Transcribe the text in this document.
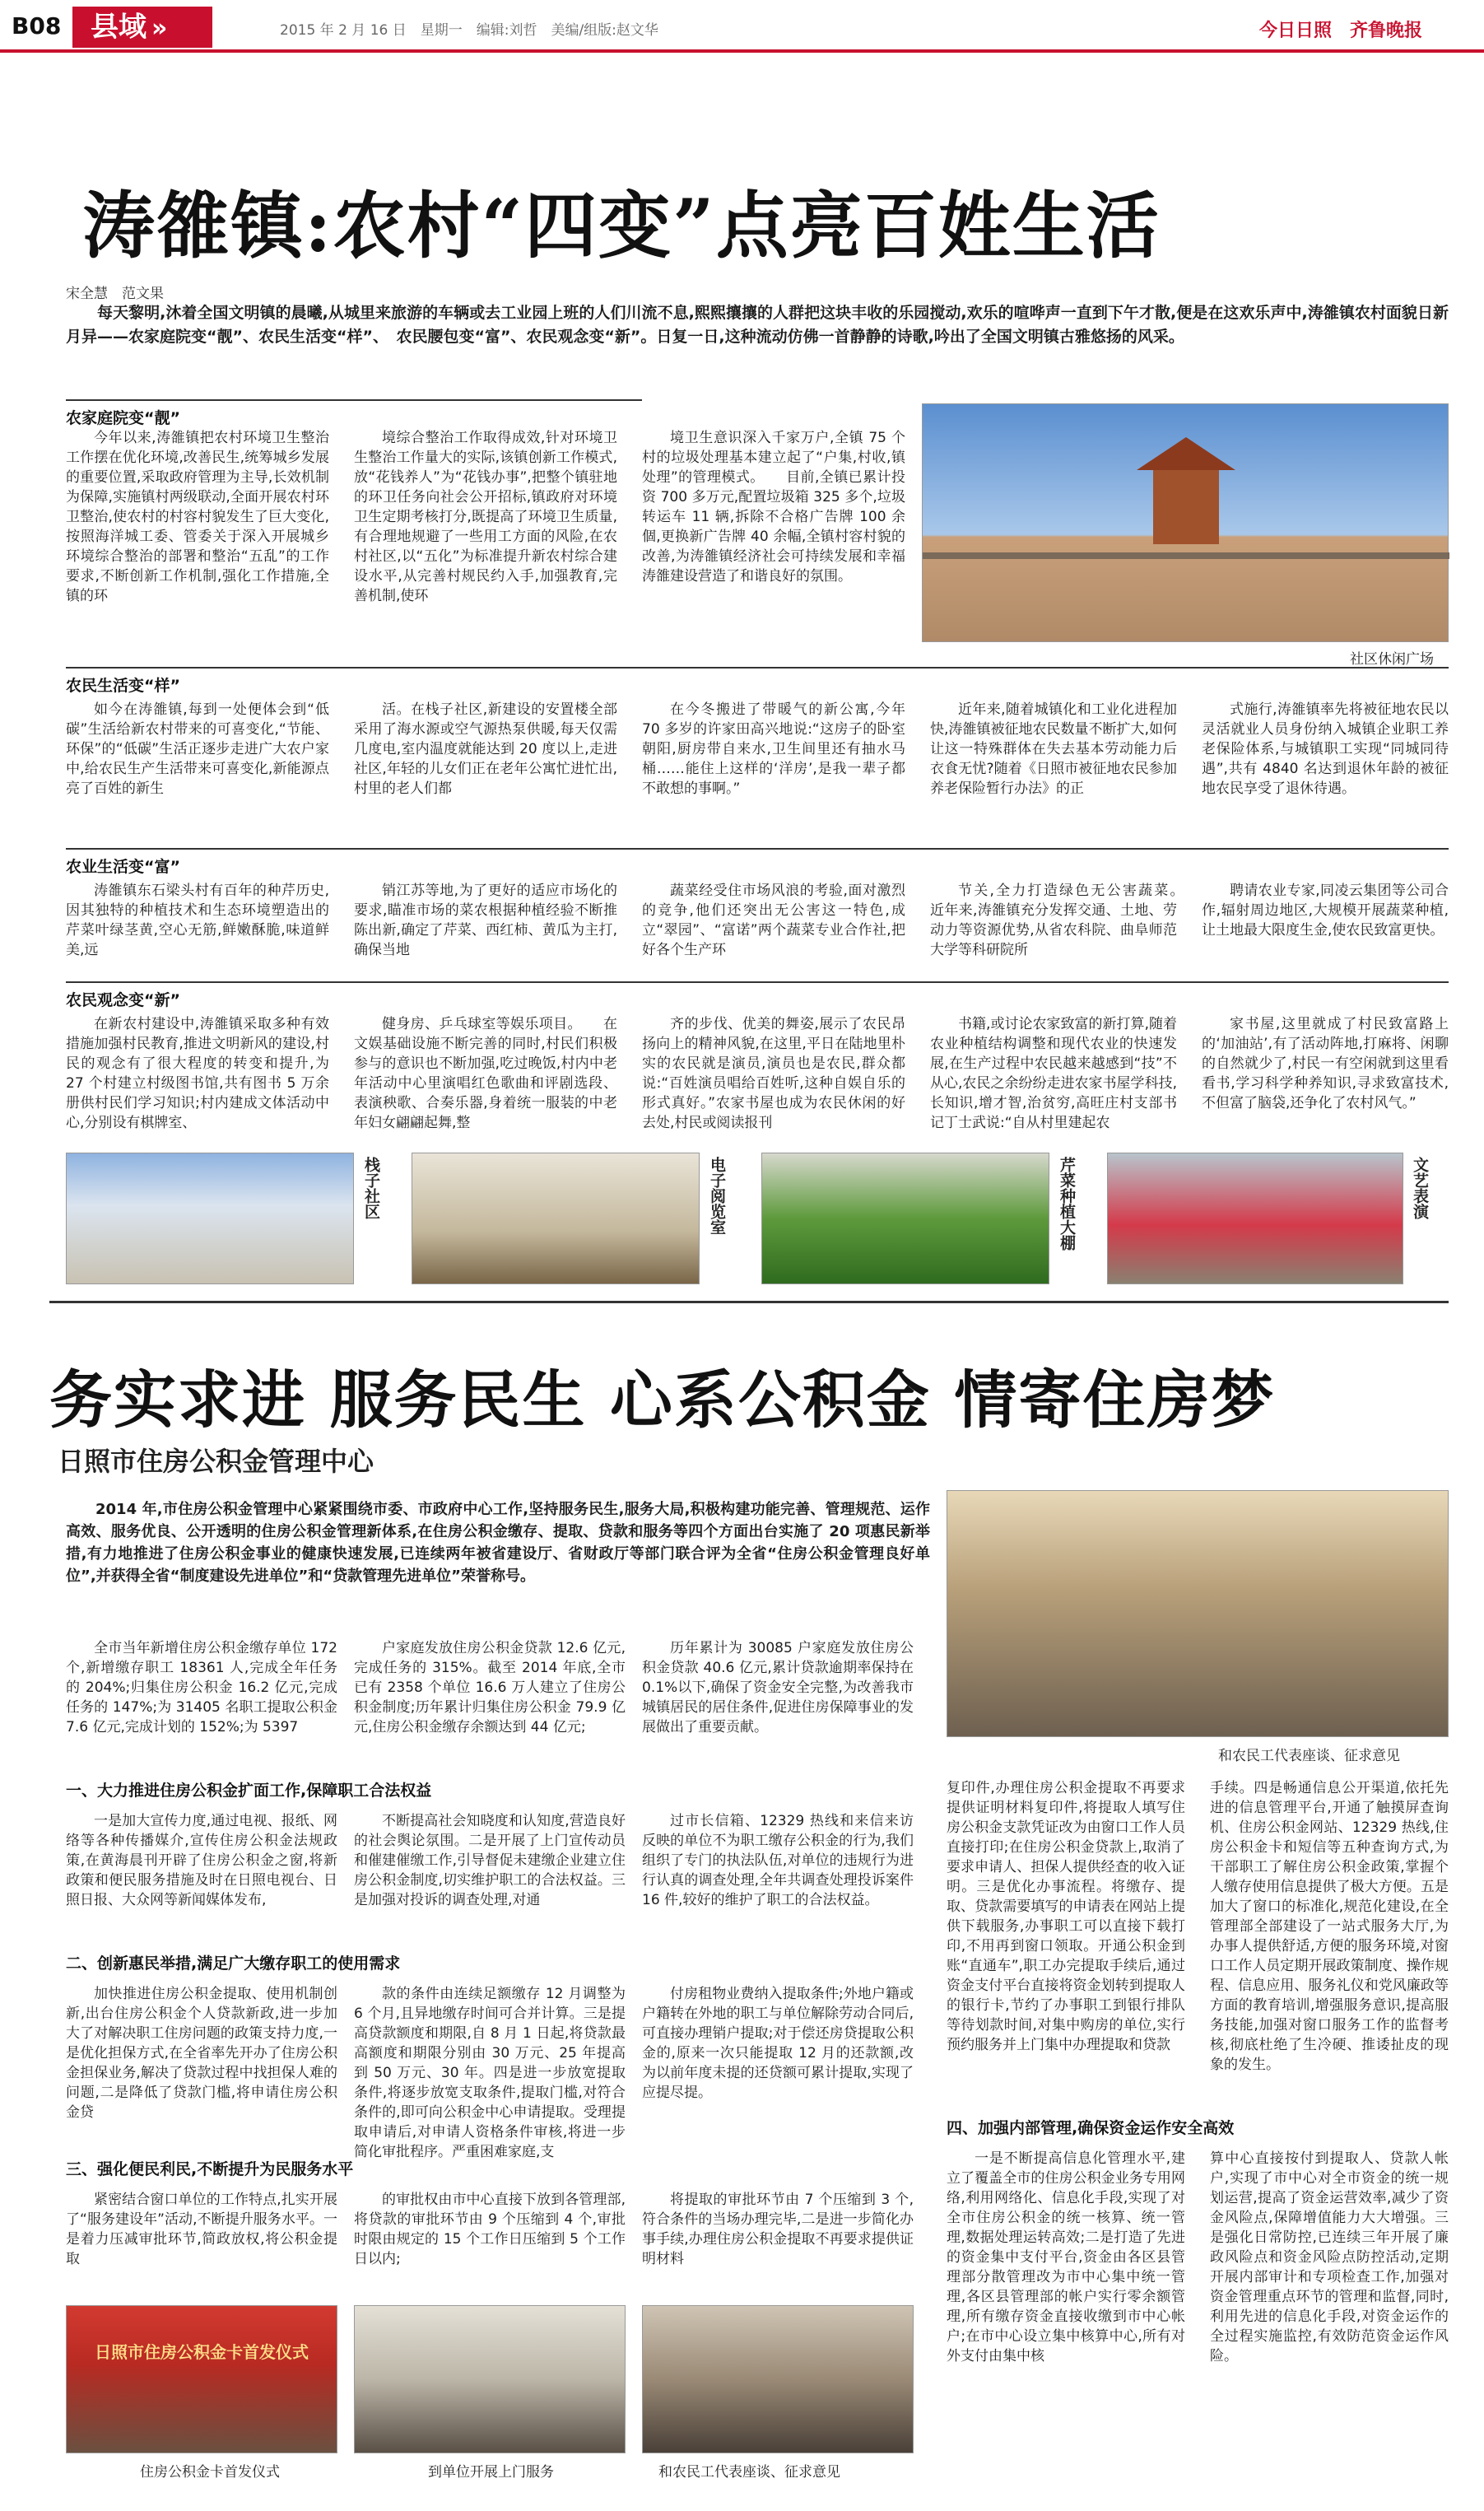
B08	县域 »	2015 年 2 月 16 日　星期一　编辑:刘哲　美编/组版:赵文华	今日日照　齐鲁晚报
涛雒镇:农村“四变”点亮百姓生活
宋全慧　范文果
每天黎明,沐着全国文明镇的晨曦,从城里来旅游的车辆或去工业园上班的人们川流不息,熙熙攘攘的人群把这块丰收的乐园搅动,欢乐的喧哗声一直到下午才散,便是在这欢乐声中,涛雒镇农村面貌日新月异——农家庭院变“靓”、农民生活变“样”、　农民腰包变“富”、农民观念变“新”。日复一日,这种流动仿佛一首静静的诗歌,吟出了全国文明镇古雅悠扬的风采。
农家庭院变“靓”

今年以来,涛雒镇把农村环境卫生整治工作摆在优化环境,改善民生,统筹城乡发展的重要位置,采取政府管理为主导,长效机制为保障,实施镇村两级联动,全面开展农村环卫整治,使农村的村容村貌发生了巨大变化,按照海洋城工委、管委关于深入开展城乡环境综合整治的部署和整治“五乱”的工作要求,不断创新工作机制,强化工作措施,全镇的环

境综合整治工作取得成效,针对环境卫生整治工作量大的实际,该镇创新工作模式,放“花钱养人”为“花钱办事”,把整个镇驻地的环卫任务向社会公开招标,镇政府对环境卫生定期考核打分,既提高了环境卫生质量,有合理地规避了一些用工方面的风险,在农村社区,以“五化”为标准提升新农村综合建设水平,从完善村规民约入手,加强教育,完善机制,使环

境卫生意识深入千家万户,全镇 75 个村的垃圾处理基本建立起了“户集,村收,镇处理”的管理模式。　　目前,全镇已累计投资 700 多万元,配置垃圾箱 325 多个,垃圾转运车 11 辆,拆除不合格广告牌 100 余個,更换新广告牌 40 余幅,全镇村容村貌的改善,为涛雒镇经济社会可持续发展和幸福涛雒建设营造了和谐良好的氛围。

社区休闲广场
农民生活变“样”

如今在涛雒镇,每到一处便体会到“低碳”生活给新农村带来的可喜变化,“节能、环保”的“低碳”生活正逐步走进广大农户家中,给农民生产生活带来可喜变化,新能源点亮了百姓的新生

活。在栈子社区,新建设的安置楼全部采用了海水源或空气源热泵供暖,每天仅需几度电,室内温度就能达到 20 度以上,走进社区,年轻的儿女们正在老年公寓忙进忙出,村里的老人们都

在今冬搬进了带暖气的新公寓,今年 70 多岁的许家田高兴地说:“这房子的卧室朝阳,厨房带自来水,卫生间里还有抽水马桶……能住上这样的‘洋房’,是我一辈子都不敢想的事啊。”

近年来,随着城镇化和工业化进程加快,涛雒镇被征地农民数量不断扩大,如何让这一特殊群体在失去基本劳动能力后衣食无忧?随着《日照市被征地农民参加养老保险暂行办法》的正

式施行,涛雒镇率先将被征地农民以灵活就业人员身份纳入城镇企业职工养老保险体系,与城镇职工实现“同城同待遇”,共有 4840 名达到退休年龄的被征地农民享受了退休待遇。

农业生活变“富”

涛雒镇东石梁头村有百年的种芹历史,因其独特的种植技术和生态环境塑造出的芹菜叶绿茎黄,空心无筋,鲜嫩酥脆,味道鲜美,远

销江苏等地,为了更好的适应市场化的要求,瞄准市场的菜农根据种植经验不断推陈出新,确定了芹菜、西红柿、黄瓜为主打,确保当地

蔬菜经受住市场风浪的考验,面对激烈的竞争,他们还突出无公害这一特色,成立“翠园”、“富诺”两个蔬菜专业合作社,把好各个生产环

节关,全力打造绿色无公害蔬菜。　　近年来,涛雒镇充分发挥交通、土地、劳动力等资源优势,从省农科院、曲阜师范大学等科研院所

聘请农业专家,同凌云集团等公司合作,辐射周边地区,大规模开展蔬菜种植,让土地最大限度生金,使农民致富更快。

农民观念变“新”

在新农村建设中,涛雒镇采取多种有效措施加强村民教育,推进文明新风的建设,村民的观念有了很大程度的转变和提升,为 27 个村建立村级图书馆,共有图书 5 万余册供村民们学习知识;村内建成文体活动中心,分别设有棋牌室、

健身房、乒乓球室等娱乐项目。　　在文娱基础设施不断完善的同时,村民们积极参与的意识也不断加强,吃过晚饭,村内中老年活动中心里演唱红色歌曲和评剧选段、表演秧歌、合奏乐器,身着统一服装的中老年妇女翩翩起舞,整

齐的步伐、优美的舞姿,展示了农民昂扬向上的精神风貌,在这里,平日在陆地里朴实的农民就是演员,演员也是农民,群众都说:“百姓演员唱给百姓听,这种自娱自乐的形式真好。”农家书屋也成为农民休闲的好去处,村民或阅读报刊

书籍,或讨论农家致富的新打算,随着农业种植结构调整和现代农业的快速发展,在生产过程中农民越来越感到“技”不从心,农民之余纷纷走进农家书屋学科技,长知识,增才智,治贫穷,高旺庄村支部书记丁士武说:“自从村里建起农

家书屋,这里就成了村民致富路上的‘加油站’,有了活动阵地,打麻将、闲聊的自然就少了,村民一有空闲就到这里看看书,学习科学种养知识,寻求致富技术,不但富了脑袋,还争化了农村风气。”

栈子社区	电子阅览室	芹菜种植大棚	文艺表演
务实求进 服务民生 心系公积金 情寄住房梦
日照市住房公积金管理中心
2014 年,市住房公积金管理中心紧紧围绕市委、市政府中心工作,坚持服务民生,服务大局,积极构建功能完善、管理规范、运作高效、服务优良、公开透明的住房公积金管理新体系,在住房公积金缴存、提取、贷款和服务等四个方面出台实施了 20 项惠民新举措,有力地推进了住房公积金事业的健康快速发展,已连续两年被省建设厅、省财政厅等部门联合评为全省“住房公积金管理良好单位”,并获得全省“制度建设先进单位”和“贷款管理先进单位”荣誉称号。

全市当年新增住房公积金缴存单位 172 个,新增缴存职工 18361 人,完成全年任务的 204%;归集住房公积金 16.2 亿元,完成任务的 147%;为 31405 名职工提取公积金 7.6 亿元,完成计划的 152%;为 5397

户家庭发放住房公积金贷款 12.6 亿元,完成任务的 315%。截至 2014 年底,全市已有 2358 个单位 16.6 万人建立了住房公积金制度;历年累计归集住房公积金 79.9 亿元,住房公积金缴存余额达到 44 亿元;

历年累计为 30085 户家庭发放住房公积金贷款 40.6 亿元,累计贷款逾期率保持在 0.1%以下,确保了资金安全完整,为改善我市城镇居民的居住条件,促进住房保障事业的发展做出了重要贡献。

和农民工代表座谈、征求意见
一、大力推进住房公积金扩面工作,保障职工合法权益

一是加大宣传力度,通过电视、报纸、网络等各种传播媒介,宣传住房公积金法规政策,在黄海晨刊开辟了住房公积金之窗,将新政策和便民服务措施及时在日照电视台、日照日报、大众网等新闻媒体发布,

不断提高社会知晓度和认知度,营造良好的社会舆论氛围。二是开展了上门宣传动员和催建催缴工作,引导督促未建缴企业建立住房公积金制度,切实维护职工的合法权益。三是加强对投诉的调查处理,对通

过市长信箱、12329 热线和来信来访反映的单位不为职工缴存公积金的行为,我们组织了专门的执法队伍,对单位的违规行为进行认真的调查处理,全年共调查处理投诉案件 16 件,较好的维护了职工的合法权益。

二、创新惠民举措,满足广大缴存职工的使用需求

加快推进住房公积金提取、使用机制创新,出台住房公积金个人贷款新政,进一步加大了对解决职工住房问题的政策支持力度,一是优化担保方式,在全省率先开办了住房公积金担保业务,解决了贷款过程中找担保人难的问题,二是降低了贷款门槛,将申请住房公积金贷

款的条件由连续足额缴存 12 月调整为 6 个月,且异地缴存时间可合并计算。三是提高贷款额度和期限,自 8 月 1 日起,将贷款最高额度和期限分别由 30 万元、25 年提高到 50 万元、30 年。四是进一步放宽提取条件,将逐步放宽支取条件,提取门槛,对符合条件的,即可向公积金中心申请提取。受理提取申请后,对申请人资格条件审核,将进一步简化审批程序。严重困难家庭,支

付房租物业费纳入提取条件;外地户籍或户籍转在外地的职工与单位解除劳动合同后,可直接办理销户提取;对于偿还房贷提取公积金的,原来一次只能提取 12 月的还款额,改为以前年度未提的还贷额可累计提取,实现了应提尽提。

三、强化便民利民,不断提升为民服务水平

紧密结合窗口单位的工作特点,扎实开展了“服务建设年”活动,不断提升服务水平。一是着力压减审批环节,简政放权,将公积金提取

的审批权由市中心直接下放到各管理部,将贷款的审批环节由 9 个压缩到 4 个,审批时限由规定的 15 个工作日压缩到 5 个工作日以内;

将提取的审批环节由 7 个压缩到 3 个,符合条件的当场办理完毕,二是进一步简化办事手续,办理住房公积金提取不再要求提供证明材料

日照市住房公积金卡首发仪式
住房公积金卡首发仪式	到单位开展上门服务	和农民工代表座谈、征求意见

复印件,办理住房公积金提取不再要求提供证明材料复印件,将提取人填写住房公积金支款凭证改为由窗口工作人员直接打印;在住房公积金贷款上,取消了要求申请人、担保人提供经查的收入证明。三是优化办事流程。将缴存、提取、贷款需要填写的申请表在网站上提供下载服务,办事职工可以直接下载打印,不用再到窗口领取。开通公积金到账“直通车”,职工办完提取手续后,通过资金支付平台直接将资金划转到提取人的银行卡,节约了办事职工到银行排队等待划款时间,对集中购房的单位,实行预约服务并上门集中办理提取和贷款

手续。四是畅通信息公开渠道,依托先进的信息管理平台,开通了触摸屏查询机、住房公积金网站、12329 热线,住房公积金卡和短信等五种查询方式,为干部职工了解住房公积金政策,掌握个人缴存使用信息提供了极大方便。五是加大了窗口的标准化,规范化建设,在全管理部全部建设了一站式服务大厅,为办事人提供舒适,方便的服务环境,对窗口工作人员定期开展政策制度、操作规程、信息应用、服务礼仪和党风廉政等方面的教育培训,增强服务意识,提高服务技能,加强对窗口服务工作的监督考核,彻底杜绝了生冷硬、推诿扯皮的现象的发生。

四、加强内部管理,确保资金运作安全高效

一是不断提高信息化管理水平,建立了覆盖全市的住房公积金业务专用网络,利用网络化、信息化手段,实现了对全市住房公积金的统一核算、统一管理,数据处理运转高效;二是打造了先进的资金集中支付平台,资金由各区县管理部分散管理改为市中心集中统一管理,各区县管理部的帐户实行零余额管理,所有缴存资金直接收缴到市中心帐户;在市中心设立集中核算中心,所有对外支付由集中核

算中心直接按付到提取人、贷款人帐户,实现了市中心对全市资金的统一规划运营,提高了资金运营效率,减少了资金风险点,保障增值能力大大增强。三是强化日常防控,已连续三年开展了廉政风险点和资金风险点防控活动,定期开展内部审计和专项检查工作,加强对资金管理重点环节的管理和监督,同时,利用先进的信息化手段,对资金运作的全过程实施监控,有效防范资金运作风险。
